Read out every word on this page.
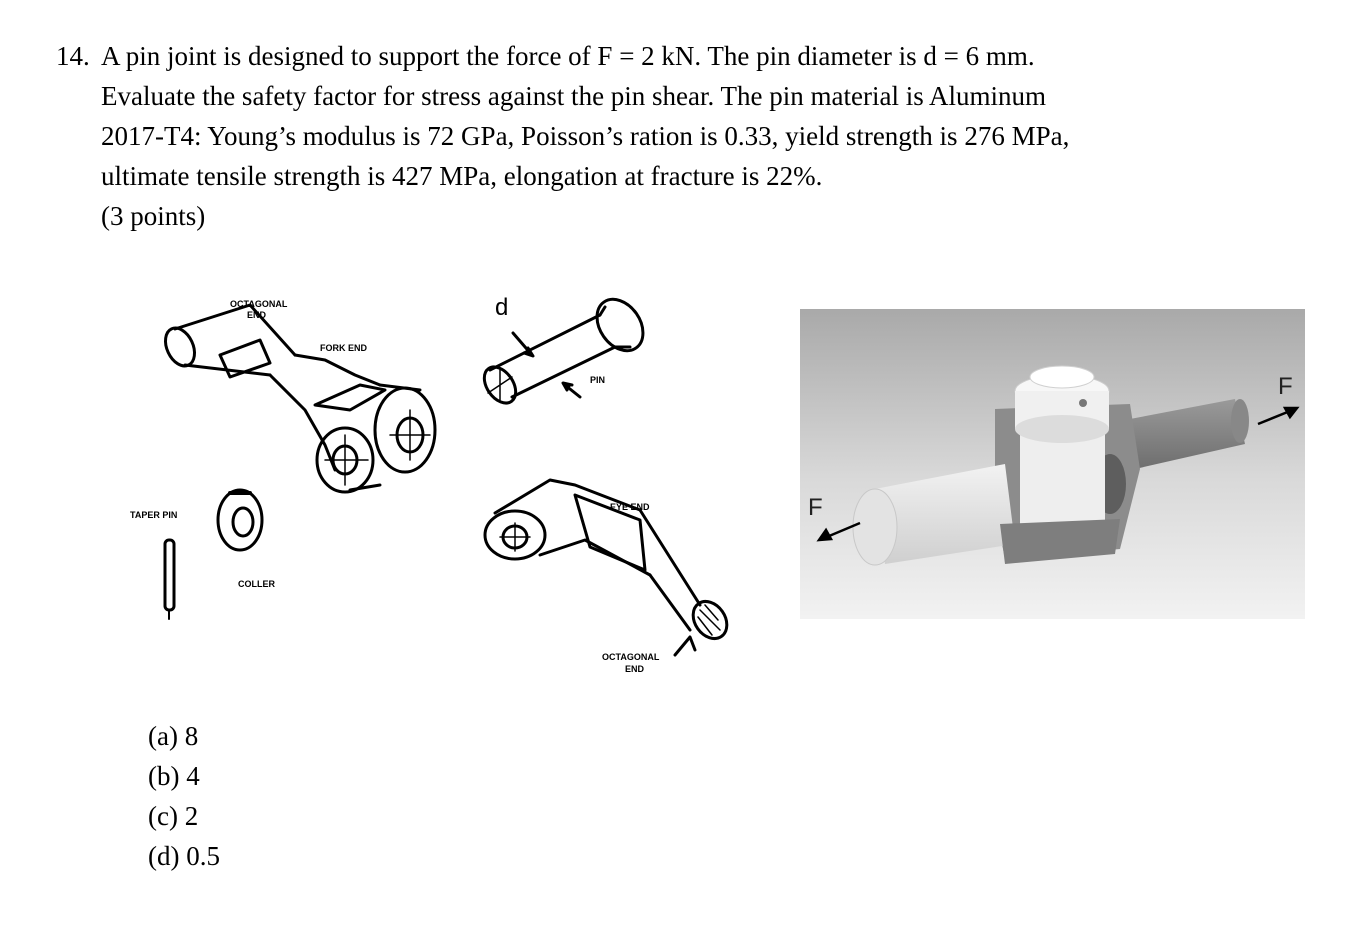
14. A pin joint is designed to support the force of F = 2 kN. The pin diameter is d = 6 mm.
Evaluate the safety factor for stress against the pin shear. The pin material is Aluminum
2017-T4: Young’s modulus is 72 GPa, Poisson’s ration is 0.33, yield strength is 276 MPa,
ultimate tensile strength is 427 MPa, elongation at fracture is 22%.
(3 points)
OCTAGONAL
END
FORK END
PIN
TAPER PIN
COLLER
EYE END
OCTAGONAL
END
d
F
F
(a) 8
(b) 4
(c) 2
(d) 0.5
